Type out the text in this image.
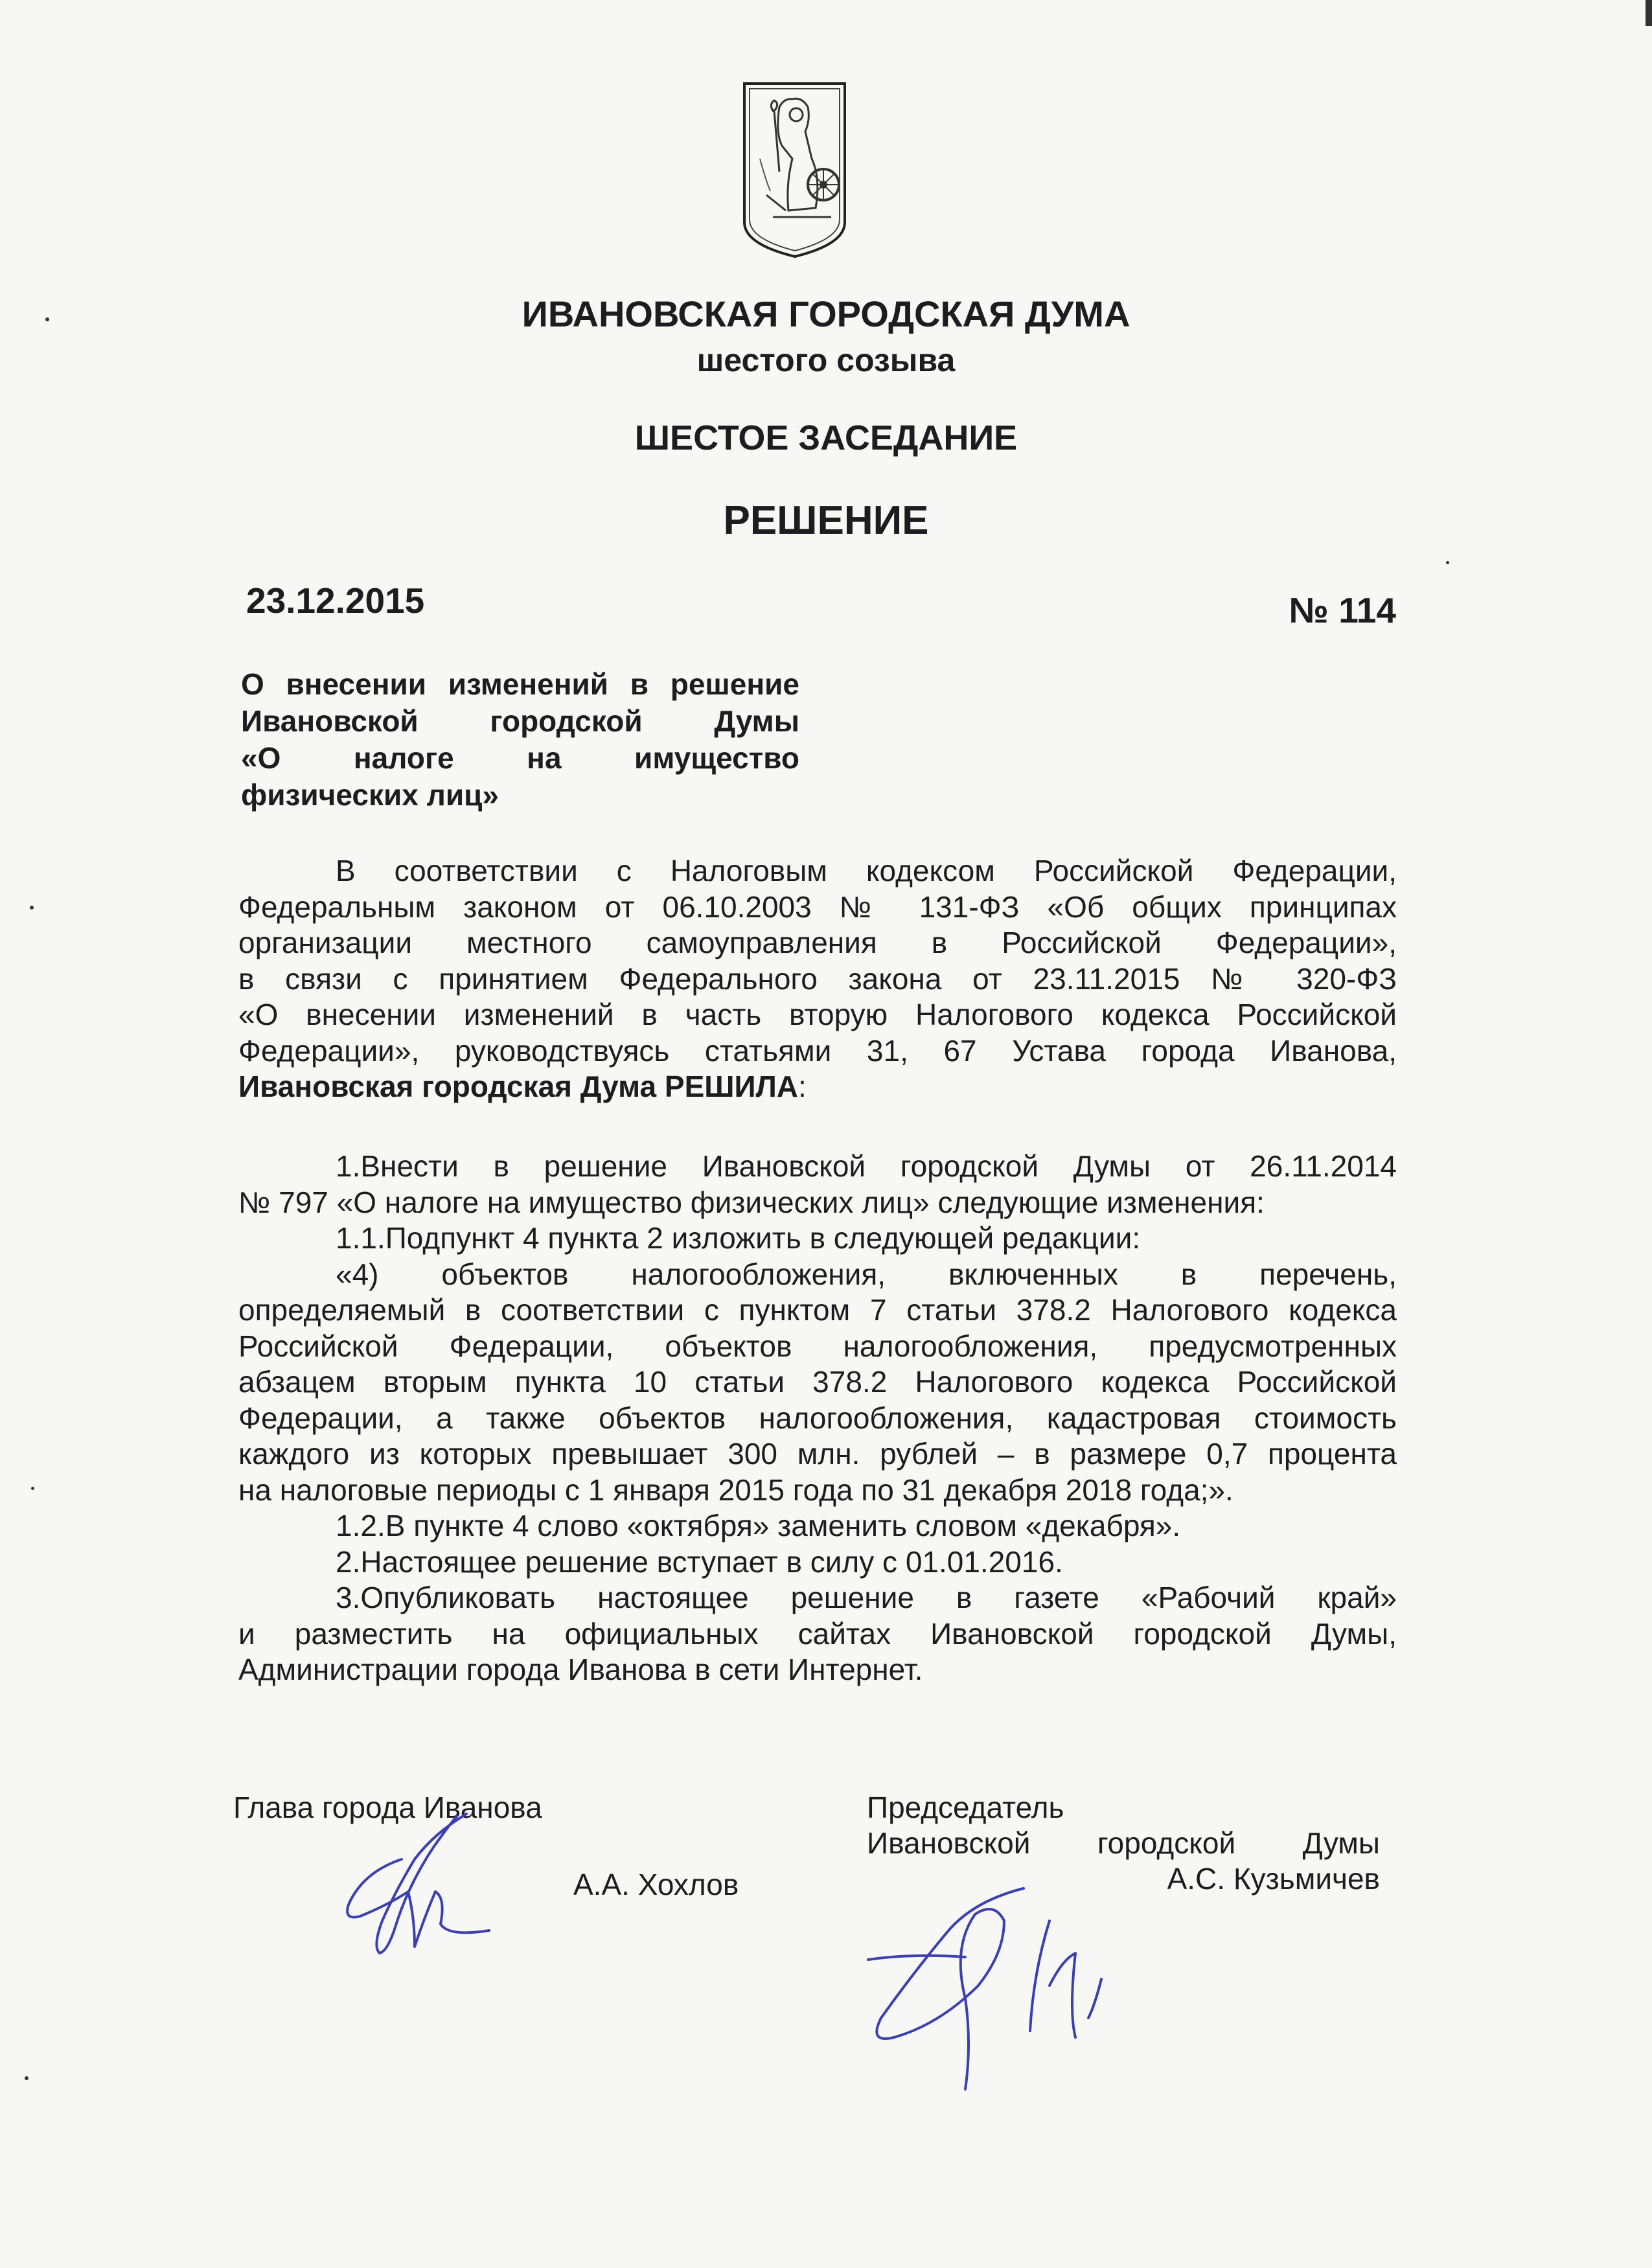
ИВАНОВСКАЯ ГОРОДСКАЯ ДУМА
шестого созыва
ШЕСТОЕ ЗАСЕДАНИЕ
РЕШЕНИЕ
23.12.2015	№ 114
О внесении изменений в решение
Ивановской городской Думы
«О налоге на имущество
физических лиц»
В соответствии с Налоговым кодексом Российской Федерации,
Федеральным законом от 06.10.2003 № 131-ФЗ «Об общих принципах
организации местного самоуправления в Российской Федерации»,
в связи с принятием Федерального закона от 23.11.2015 № 320-ФЗ
«О внесении изменений в часть вторую Налогового кодекса Российской
Федерации», руководствуясь статьями 31, 67 Устава города Иванова,
Ивановская городская Дума РЕШИЛА:
1.Внести в решение Ивановской городской Думы от 26.11.2014
№ 797 «О налоге на имущество физических лиц» следующие изменения:
1.1.Подпункт 4 пункта 2 изложить в следующей редакции:
«4) объектов налогообложения, включенных в перечень,
определяемый в соответствии с пунктом 7 статьи 378.2 Налогового кодекса
Российской Федерации, объектов налогообложения, предусмотренных
абзацем вторым пункта 10 статьи 378.2 Налогового кодекса Российской
Федерации, а также объектов налогообложения, кадастровая стоимость
каждого из которых превышает 300 млн. рублей – в размере 0,7 процента
на налоговые периоды с 1 января 2015 года по 31 декабря 2018 года;».
1.2.В пункте 4 слово «октября» заменить словом «декабря».
2.Настоящее решение вступает в силу с 01.01.2016.
3.Опубликовать настоящее решение в газете «Рабочий край»
и разместить на официальных сайтах Ивановской городской Думы,
Администрации города Иванова в сети Интернет.
Глава города Иванова
А.А. Хохлов
Председатель
Ивановской городской Думы
А.С. Кузьмичев
